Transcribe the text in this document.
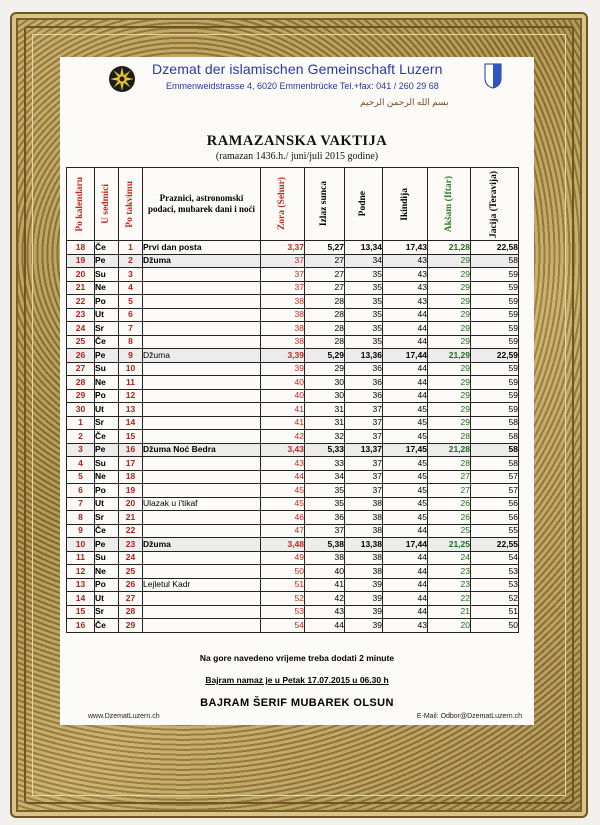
Dzemat der islamischen Gemeinschaft Luzern
Emmenweidstrasse 4, 6020 Emmenbrücke Tel.+fax: 041 / 260 29 68
بسم الله الرحمن الرحيم
RAMAZANSKA VAKTIJA
(ramazan 1436.h./ juni/juli 2015 godine)
Po kalendaru	U sedmici	Po takvimu	Praznici, astronomski podaci, mubarek dani i noći	Zora (Sehur)	Izlaz sunca	Podne	Ikindija	Akšam (Iftar)	Jacija (Teravija)

18	Če	1	Prvi dan posta	3,37	5,27	13,34	17,43	21,28	22,58
19	Pe	2	Džuma	37	27	34	43	29	58
20	Su	3		37	27	35	43	29	59
21	Ne	4		37	27	35	43	29	59
22	Po	5		38	28	35	43	29	59
23	Ut	6		38	28	35	44	29	59
24	Sr	7		38	28	35	44	29	59
25	Če	8		38	28	35	44	29	59
26	Pe	9	Džuma	3,39	5,29	13,36	17,44	21,29	22,59
27	Su	10		39	29	36	44	29	59
28	Ne	11		40	30	36	44	29	59
29	Po	12		40	30	36	44	29	59
30	Ut	13		41	31	37	45	29	59
1	Sr	14		41	31	37	45	29	58
2	Če	15		42	32	37	45	28	58
3	Pe	16	Džuma Noć Bedra	3,43	5,33	13,37	17,45	21,28	58
4	Su	17		43	33	37	45	28	58
5	Ne	18		44	34	37	45	27	57
6	Po	19		45	35	37	45	27	57
7	Ut	20	Ulazak u i'tikaf	45	35	38	45	26	56
8	Sr	21		46	36	38	45	26	56
9	Če	22		47	37	38	44	25	55
10	Pe	23	Džuma	3,48	5,38	13,38	17,44	21,25	22,55
11	Su	24		49	38	38	44	24	54
12	Ne	25		50	40	38	44	23	53
13	Po	26	Lejletul Kadr	51	41	39	44	23	53
14	Ut	27		52	42	39	44	22	52
15	Sr	28		53	43	39	44	21	51
16	Če	29		54	44	39	43	20	50
Na gore navedeno vrijeme treba dodati 2 minute
Bajram namaz je u Petak 17.07.2015 u 06.30 h
BAJRAM ŠERIF MUBAREK OLSUN
www.DzematLuzern.ch	E-Mail: Odbor@DzematLuzern.ch
